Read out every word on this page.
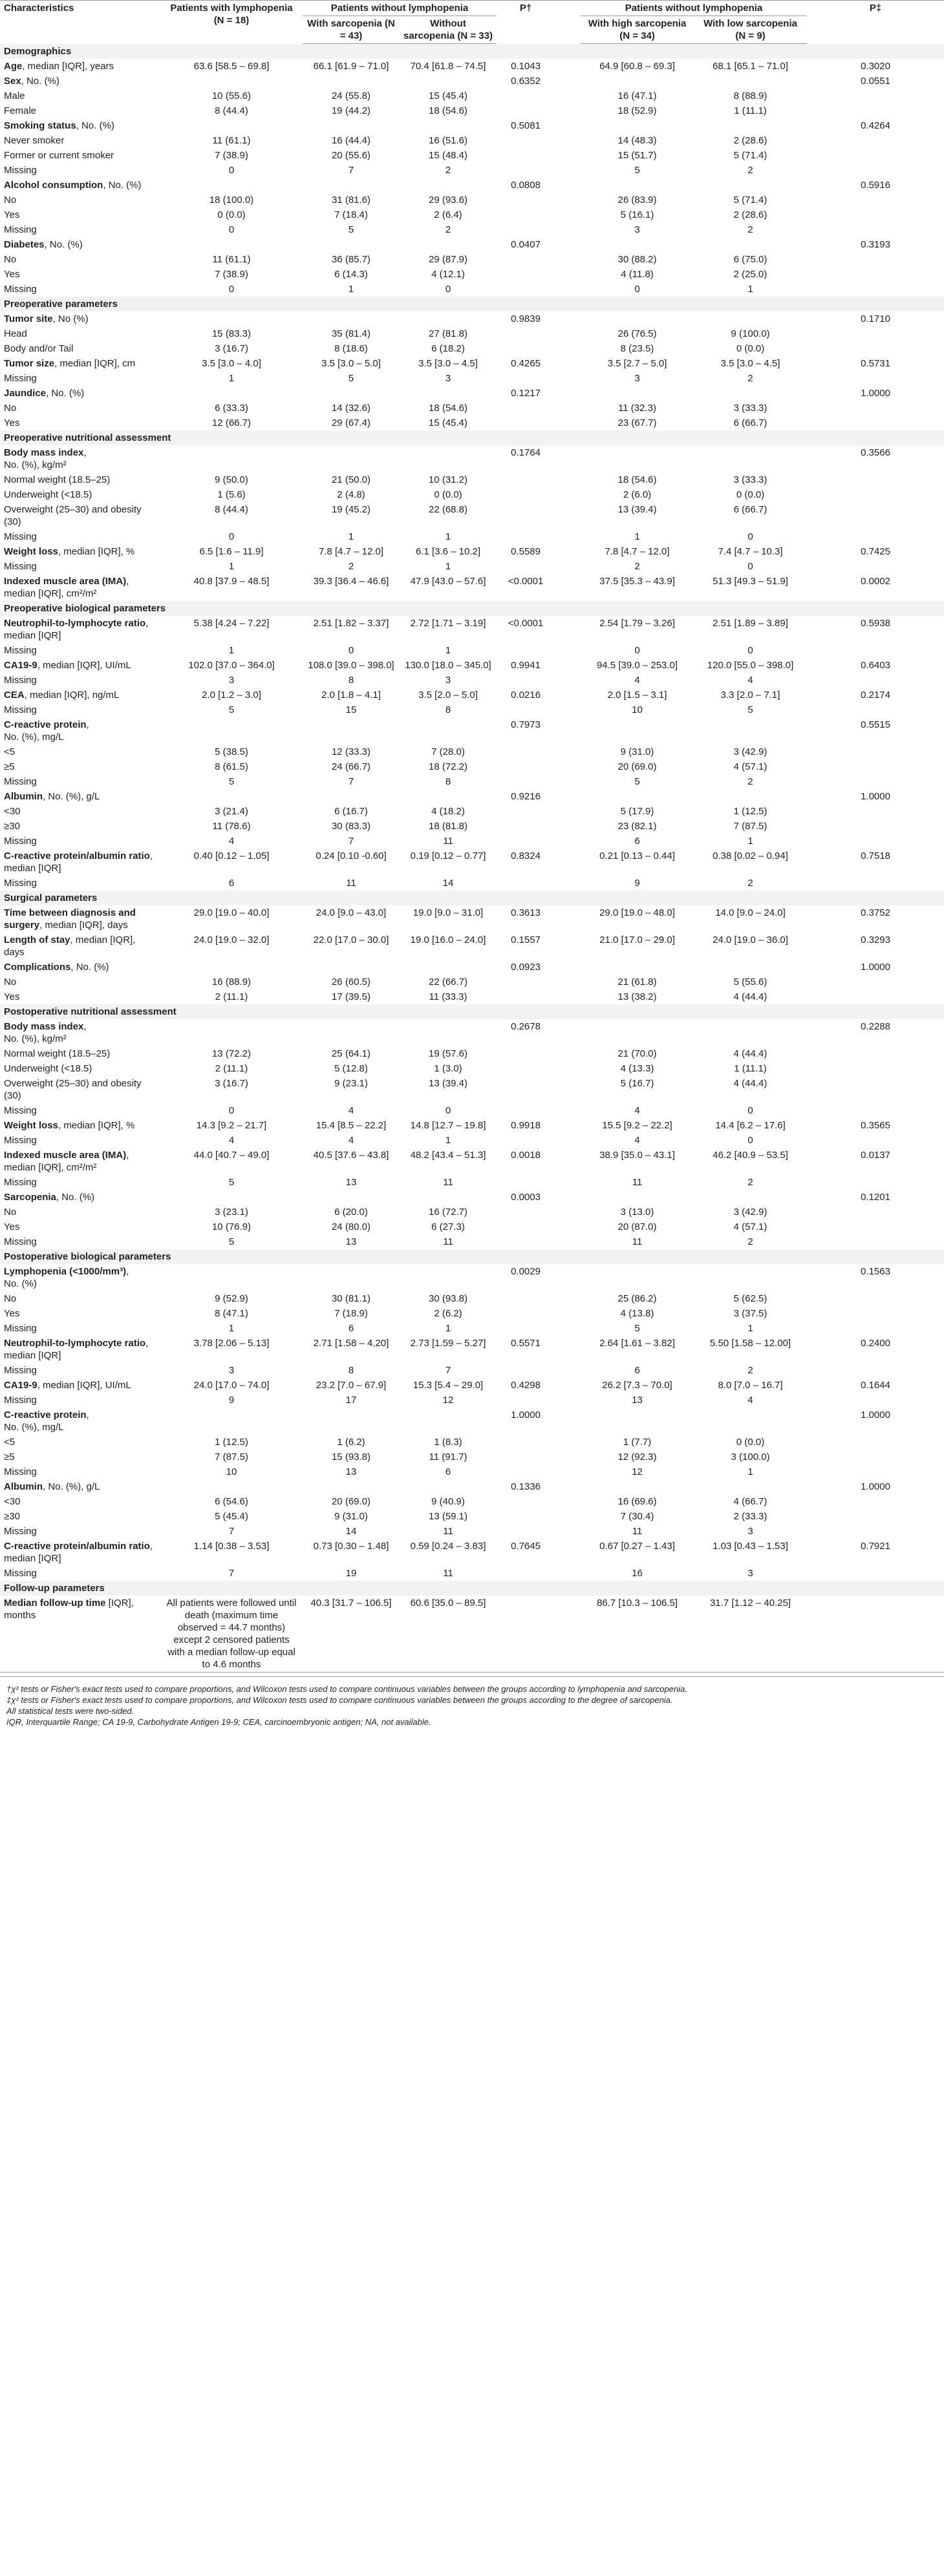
Characteristics	Patients with lymphopenia (N = 18)	Patients without lymphopenia		P†		Patients without lymphopenia		P‡
		With sarcopenia (N = 43)	Without sarcopenia (N = 33)			With high sarcopenia (N = 34)	With low sarcopenia (N = 9)	
Demographics								
Age, median [IQR], years	63.6 [58.5 – 69.8]	66.1 [61.9 – 71.0]	70.4 [61.8 – 74.5]	0.1043		64.9 [60.8 – 69.3]	68.1 [65.1 – 71.0]	0.3020
Sex, No. (%)				0.6352				0.0551
Male	10 (55.6)	24 (55.8)	15 (45.4)			16 (47.1)	8 (88.9)	
Female	8 (44.4)	19 (44.2)	18 (54.6)			18 (52.9)	1 (11.1)	
Smoking status, No. (%)				0.5081				0.4264
Never smoker	11 (61.1)	16 (44.4)	16 (51.6)			14 (48.3)	2 (28.6)	
Former or current smoker	7 (38.9)	20 (55.6)	15 (48.4)			15 (51.7)	5 (71.4)	
Missing	0	7	2			5	2	
Alcohol consumption, No. (%)				0.0808				0.5916
No	18 (100.0)	31 (81.6)	29 (93.6)			26 (83.9)	5 (71.4)	
Yes	0 (0.0)	7 (18.4)	2 (6.4)			5 (16.1)	2 (28.6)	
Missing	0	5	2			3	2	
Diabetes, No. (%)				0.0407				0.3193
No	11 (61.1)	36 (85.7)	29 (87.9)			30 (88.2)	6 (75.0)	
Yes	7 (38.9)	6 (14.3)	4 (12.1)			4 (11.8)	2 (25.0)	
Missing	0	1	0			0	1	
Preoperative parameters								
Tumor site, No (%)				0.9839				0.1710
Head	15 (83.3)	35 (81.4)	27 (81.8)			26 (76.5)	9 (100.0)	
Body and/or Tail	3 (16.7)	8 (18.6)	6 (18.2)			8 (23.5)	0 (0.0)	
Tumor size, median [IQR], cm	3.5 [3.0 – 4.0]	3.5 [3.0 – 5.0]	3.5 [3.0 – 4.5]	0.4265		3.5 [2.7 – 5.0]	3.5 [3.0 – 4.5]	0.5731
Missing	1	5	3			3	2	
Jaundice, No. (%)				0.1217				1.0000
No	6 (33.3)	14 (32.6)	18 (54.6)			11 (32.3)	3 (33.3)	
Yes	12 (66.7)	29 (67.4)	15 (45.4)			23 (67.7)	6 (66.7)	
Preoperative nutritional assessment								
Body mass index,
No. (%), kg/m²				0.1764				0.3566
Normal weight (18.5–25)	9 (50.0)	21 (50.0)	10 (31.2)			18 (54.6)	3 (33.3)	
Underweight (<18.5)	1 (5.6)	2 (4.8)	0 (0.0)			2 (6.0)	0 (0.0)	
Overweight (25–30) and obesity (30)	8 (44.4)	19 (45.2)	22 (68.8)			13 (39.4)	6 (66.7)	
Missing	0	1	1			1	0	
Weight loss, median [IQR], %	6.5 [1.6 – 11.9]	7.8 [4.7 – 12.0]	6.1 [3.6 – 10.2]	0.5589		7.8 [4.7 – 12.0]	7.4 [4.7 – 10.3]	0.7425
Missing	1	2	1			2	0	
Indexed muscle area (IMA),
median [IQR], cm²/m²	40.8 [37.9 – 48.5]	39.3 [36.4 – 46.6]	47.9 [43.0 – 57.6]	<0.0001		37.5 [35.3 – 43.9]	51.3 [49.3 – 51.9]	0.0002
Preoperative biological parameters								
Neutrophil-to-lymphocyte ratio, median [IQR]	5.38 [4.24 – 7.22]	2.51 [1.82 – 3.37]	2.72 [1.71 – 3.19]	<0.0001		2.54 [1.79 – 3.26]	2.51 [1.89 – 3.89]	0.5938
Missing	1	0	1			0	0	
CA19-9, median [IQR], UI/mL	102.0 [37.0 – 364.0]	108.0 [39.0 – 398.0]	130.0 [18.0 – 345.0]	0.9941		94.5 [39.0 – 253.0]	120.0 [55.0 – 398.0]	0.6403
Missing	3	8	3			4	4	
CEA, median [IQR], ng/mL	2.0 [1.2 – 3.0]	2.0 [1.8 – 4.1]	3.5 [2.0 – 5.0]	0.0216		2.0 [1.5 – 3.1]	3.3 [2.0 – 7.1]	0.2174
Missing	5	15	8			10	5	
C-reactive protein,
No. (%), mg/L				0.7973				0.5515
<5	5 (38.5)	12 (33.3)	7 (28.0)			9 (31.0)	3 (42.9)	
≥5	8 (61.5)	24 (66.7)	18 (72.2)			20 (69.0)	4 (57.1)	
Missing	5	7	8			5	2	
Albumin, No. (%), g/L				0.9216				1.0000
<30	3 (21.4)	6 (16.7)	4 (18.2)			5 (17.9)	1 (12.5)	
≥30	11 (78.6)	30 (83.3)	18 (81.8)			23 (82.1)	7 (87.5)	
Missing	4	7	11			6	1	
C-reactive protein/albumin ratio, median [IQR]	0.40 [0.12 – 1.05]	0.24 [0.10 -0.60]	0.19 [0.12 – 0.77]	0.8324		0.21 [0.13 – 0.44]	0.38 [0.02 – 0.94]	0.7518
Missing	6	11	14			9	2	
Surgical parameters								
Time between diagnosis and surgery, median [IQR], days	29.0 [19.0 – 40.0]	24.0 [9.0 – 43.0]	19.0 [9.0 – 31.0]	0.3613		29.0 [19.0 – 48.0]	14.0 [9.0 – 24.0]	0.3752
Length of stay, median [IQR], days	24.0 [19.0 – 32.0]	22.0 [17.0 – 30.0]	19.0 [16.0 – 24.0]	0.1557		21.0 [17.0 – 29.0]	24.0 [19.0 – 36.0]	0.3293
Complications, No. (%)				0.0923				1.0000
No	16 (88.9)	26 (60.5)	22 (66.7)			21 (61.8)	5 (55.6)	
Yes	2 (11.1)	17 (39.5)	11 (33.3)			13 (38.2)	4 (44.4)	
Postoperative nutritional assessment								
Body mass index,
No. (%), kg/m²				0.2678				0.2288
Normal weight (18.5–25)	13 (72.2)	25 (64.1)	19 (57.6)			21 (70.0)	4 (44.4)	
Underweight (<18.5)	2 (11.1)	5 (12.8)	1 (3.0)			4 (13.3)	1 (11.1)	
Overweight (25–30) and obesity (30)	3 (16.7)	9 (23.1)	13 (39.4)			5 (16.7)	4 (44.4)	
Missing	0	4	0			4	0	
Weight loss, median [IQR], %	14.3 [9.2 – 21.7]	15.4 [8.5 – 22.2]	14.8 [12.7 – 19.8]	0.9918		15.5 [9.2 – 22.2]	14.4 [6.2 – 17.6]	0.3565
Missing	4	4	1			4	0	
Indexed muscle area (IMA),
median [IQR], cm²/m²	44.0 [40.7 – 49.0]	40.5 [37.6 – 43.8]	48.2 [43.4 – 51.3]	0.0018		38.9 [35.0 – 43.1]	46.2 [40.9 – 53.5]	0.0137
Missing	5	13	11			11	2	
Sarcopenia, No. (%)				0.0003				0.1201
No	3 (23.1)	6 (20.0)	16 (72.7)			3 (13.0)	3 (42.9)	
Yes	10 (76.9)	24 (80.0)	6 (27.3)			20 (87.0)	4 (57.1)	
Missing	5	13	11			11	2	
Postoperative biological parameters								
Lymphopenia (<1000/mm³),
No. (%)				0.0029				0.1563
No	9 (52.9)	30 (81.1)	30 (93.8)			25 (86.2)	5 (62.5)	
Yes	8 (47.1)	7 (18.9)	2 (6.2)			4 (13.8)	3 (37.5)	
Missing	1	6	1			5	1	
Neutrophil-to-lymphocyte ratio, median [IQR]	3.78 [2.06 – 5.13]	2.71 [1.58 – 4.20]	2.73 [1.59 – 5.27]	0.5571		2.64 [1.61 – 3.82]	5.50 [1.58 – 12.00]	0.2400
Missing	3	8	7			6	2	
CA19-9, median [IQR], UI/mL	24.0 [17.0 – 74.0]	23.2 [7.0 – 67.9]	15.3 [5.4 – 29.0]	0.4298		26.2 [7.3 – 70.0]	8.0 [7.0 – 16.7]	0.1644
Missing	9	17	12			13	4	
C-reactive protein,
No. (%), mg/L				1.0000				1.0000
<5	1 (12.5)	1 (6.2)	1 (8.3)			1 (7.7)	0 (0.0)	
≥5	7 (87.5)	15 (93.8)	11 (91.7)			12 (92.3)	3 (100.0)	
Missing	10	13	6			12	1	
Albumin, No. (%), g/L				0.1336				1.0000
<30	6 (54.6)	20 (69.0)	9 (40.9)			16 (69.6)	4 (66.7)	
≥30	5 (45.4)	9 (31.0)	13 (59.1)			7 (30.4)	2 (33.3)	
Missing	7	14	11			11	3	
C-reactive protein/albumin ratio, median [IQR]	1.14 [0.38 – 3.53]	0.73 [0.30 – 1.48]	0.59 [0.24 – 3.83]	0.7645		0.67 [0.27 – 1.43]	1.03 [0.43 – 1.53]	0.7921
Missing	7	19	11			16	3	
Follow-up parameters								
Median follow-up time [IQR], months	All patients were followed until death (maximum time observed = 44.7 months) except 2 censored patients with a median follow-up equal to 4.6 months	40.3 [31.7 – 106.5]	60.6 [35.0 – 89.5]			86.7 [10.3 – 106.5]	31.7 [1.12 – 40.25]	
†χ² tests or Fisher's exact tests used to compare proportions, and Wilcoxon tests used to compare continuous variables between the groups according to lymphopenia and sarcopenia.
‡χ² tests or Fisher's exact tests used to compare proportions, and Wilcoxon tests used to compare continuous variables between the groups according to the degree of sarcopenia.
All statistical tests were two-sided.
IQR, Interquartile Range; CA 19-9, Carbohydrate Antigen 19-9; CEA, carcinoembryonic antigen; NA, not available.
